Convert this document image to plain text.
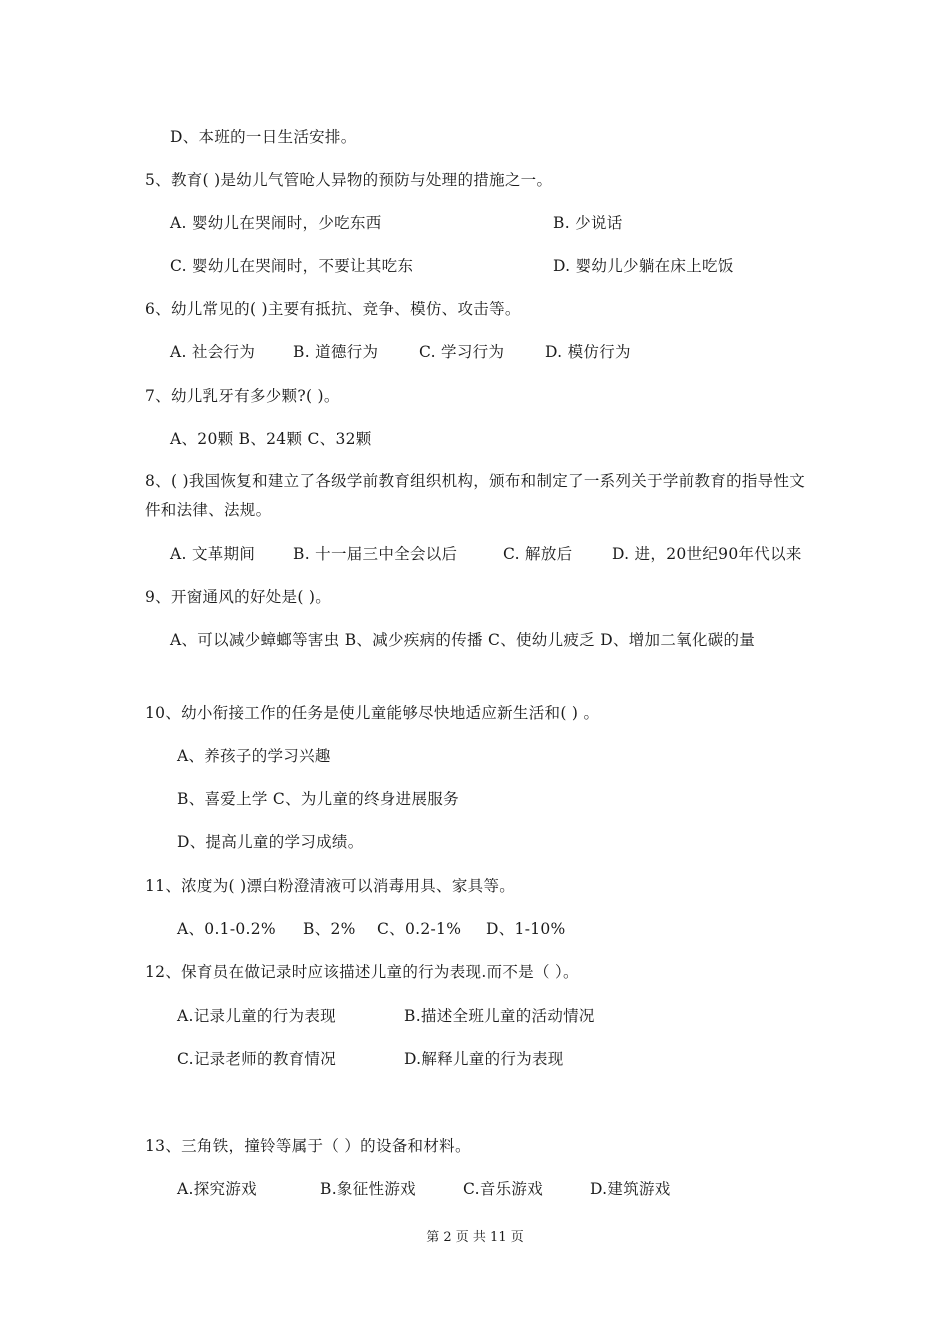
D、本班的一日生活安排。
5、教育( )是幼儿气管呛人异物的预防与处理的措施之一。
A. 婴幼儿在哭闹时，少吃东西	B. 少说话
C. 婴幼儿在哭闹时，不要让其吃东	D. 婴幼儿少躺在床上吃饭
6、幼儿常见的( )主要有抵抗、竞争、模仿、攻击等。
A. 社会行为 B. 道德行为	C. 学习行为	D. 模仿行为
7、幼儿乳牙有多少颗?( )。
A、20颗 B、24颗 C、32颗
8、( )我国恢复和建立了各级学前教育组织机构，颁布和制定了一系列关于学前教育的指导性文件和法律、法规。
A. 文革期间 B. 十一届三中全会以后	C. 解放后	D. 进，20世纪90年代以来
9、开窗通风的好处是( )。
A、可以减少蟑螂等害虫 B、减少疾病的传播 C、使幼儿疲乏 D、增加二氧化碳的量
10、幼小衔接工作的任务是使儿童能够尽快地适应新生活和( ) 。
A、养孩子的学习兴趣
B、喜爱上学 C、为儿童的终身进展服务
D、提高儿童的学习成绩。
11、浓度为( )漂白粉澄清液可以消毒用具、家具等。
A、0.1-0.2% B、2% C、0.2-1% D、1-10%
12、保育员在做记录时应该描述儿童的行为表现.而不是（ ）。
A.记录儿童的行为表现	B.描述全班儿童的活动情况
C.记录老师的教育情况	D.解释儿童的行为表现
13、三角铁，撞铃等属于（ ）的设备和材料。
A.探究游戏	B.象征性游戏	C.音乐游戏	D.建筑游戏
第 2 页 共 11 页
